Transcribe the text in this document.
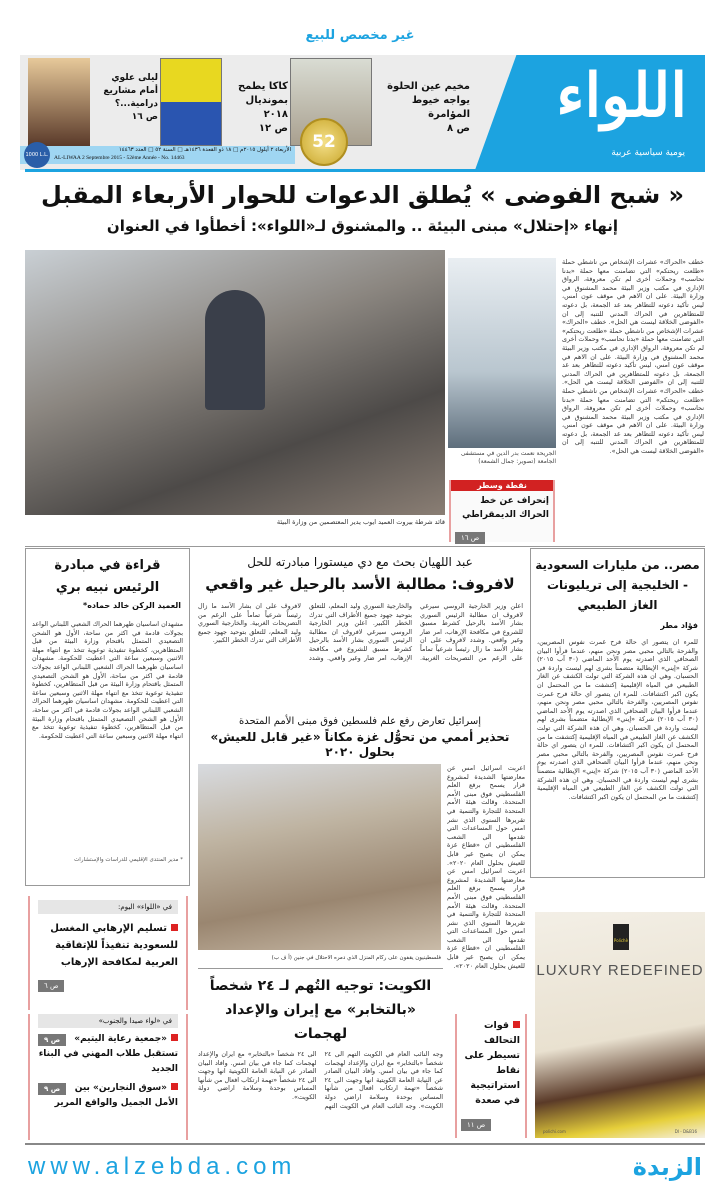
غير مخصص للبيع
اللواء
يومية سياسية عربية
مخيم عين الحلوة يواجه خيوط المؤامرة
ص ٨
كاكا يطمح بمونديال ٢٠١٨
ص ١٢
ليلى علوي أمام مشاريع درامية...؟
ص ١٦
52
1000 L.L.
الأربعاء ٢ أيلول ٢٠١٥م □ ١٨ ذو القعدة ١٤٣٦هـ □ السنة ٥٢ □ العدد ١٤٤٦٣
AL-LIWAA 2 Septembre 2015 - 52ème Année - No. 14463
« شبح الفوضى » يُطلق الدعوات للحوار الأربعاء المقبل
إنهاء «إحتلال» مبنى البيئة .. والمشنوق لـ«اللواء»: أخطأوا في العنوان
قائد شرطة بيروت العميد ايوب يدير المعتصمين من وزارة البيئة
الجريحة نعمت بدر الدين في مستشفى الجامعة (تصوير: جمال الشمعة)
نقطة وسطر
إنحراف عن خط الحراك الديمقراطي
ص ١٦
خطف «الحراك» عشرات الإشخاص من ناشطي حملة «طلعت ريحتكم» التي تضامنت معها حملة «بدنا نحاسب» وحملات أخرى لم تكن معروفة، الرواق الإداري في مكتب وزير البيئة محمد المشنوق في وزارة البيئة. على ان الاهم في موقف عون امس، ليس تأكيد دعوته للتظاهر بعد غد الجمعة، بل دعوته للمتظاهرين في الحراك المدني للتنبه إلى ان «الفوضى الخلاقة ليست هي الحل». خطف «الحراك» عشرات الإشخاص من ناشطي حملة «طلعت ريحتكم» التي تضامنت معها حملة «بدنا نحاسب» وحملات أخرى لم تكن معروفة، الرواق الإداري في مكتب وزير البيئة محمد المشنوق في وزارة البيئة. على ان الاهم في موقف عون امس، ليس تأكيد دعوته للتظاهر بعد غد الجمعة، بل دعوته للمتظاهرين في الحراك المدني للتنبه إلى ان «الفوضى الخلاقة ليست هي الحل». خطف «الحراك» عشرات الإشخاص من ناشطي حملة «طلعت ريحتكم» التي تضامنت معها حملة «بدنا نحاسب» وحملات أخرى لم تكن معروفة، الرواق الإداري في مكتب وزير البيئة محمد المشنوق في وزارة البيئة. على ان الاهم في موقف عون امس، ليس تأكيد دعوته للتظاهر بعد غد الجمعة، بل دعوته للمتظاهرين في الحراك المدني للتنبه إلى ان «الفوضى الخلاقة ليست هي الحل».
مصر.. من مليارات السعودية - الخليجية إلى تريليونات الغاز الطبيعي
فؤاد مطر
للمرء ان يتصور اي حالة فرح غمرت نفوس المصريين، والفرحة بالتالي محبي مصر ونحن منهم، عندما قرأوا البيان الصحافي الذي اصدرته يوم الأحد الماضي (٣٠ آب ٢٠١٥) شركة «إيني» الإيطالية متضمناً بشرى لهم ليست واردة في الحسبان. وهي ان هذه الشركة التي تولت الكشف عن الغاز الطبيعي في المياه الإقليمية إكتشفت ما من المحتمل ان يكون اكبر اكتشافات. للمرء ان يتصور اي حالة فرح غمرت نفوس المصريين، والفرحة بالتالي محبي مصر ونحن منهم، عندما قرأوا البيان الصحافي الذي اصدرته يوم الأحد الماضي (٣٠ آب ٢٠١٥) شركة «إيني» الإيطالية متضمناً بشرى لهم ليست واردة في الحسبان. وهي ان هذه الشركة التي تولت الكشف عن الغاز الطبيعي في المياه الإقليمية إكتشفت ما من المحتمل ان يكون اكبر اكتشافات. للمرء ان يتصور اي حالة فرح غمرت نفوس المصريين، والفرحة بالتالي محبي مصر ونحن منهم، عندما قرأوا البيان الصحافي الذي اصدرته يوم الأحد الماضي (٣٠ آب ٢٠١٥) شركة «إيني» الإيطالية متضمناً بشرى لهم ليست واردة في الحسبان. وهي ان هذه الشركة التي تولت الكشف عن الغاز الطبيعي في المياه الإقليمية إكتشفت ما من المحتمل ان يكون اكبر اكتشافات.
عبد اللهيان بحث مع دي ميستورا مبادرته للحل
لافروف: مطالبة الأسد بالرحيل غير واقعي
اعلن وزير الخارجية الروسي سيرغي لافروف ان مطالبة الرئيس السوري بشار الأسد بالرحيل كشرط مسبق للشروع في مكافحة الإرهاب، امر ضار وغير واقعي. وشدد لافروف على ان بشار الأسد ما زال رئيساً شرعياً تماماً على الرغم من التصريحات الغربية. والخارجية السوري وليد المعلم، للتعلق بتوحيد جهود جميع الأطراف التي تدرك الخطر الكبير. اعلن وزير الخارجية الروسي سيرغي لافروف ان مطالبة الرئيس السوري بشار الأسد بالرحيل كشرط مسبق للشروع في مكافحة الإرهاب، امر ضار وغير واقعي. وشدد لافروف على ان بشار الأسد ما زال رئيساً شرعياً تماماً على الرغم من التصريحات الغربية. والخارجية السوري وليد المعلم، للتعلق بتوحيد جهود جميع الأطراف التي تدرك الخطر الكبير.
قراءة في مبادرة الرئيس نبيه بري
العميد الركن خالد حماده*
مشهدان اساسيان ظهرهما الحراك الشعبي اللبناني الواعد بجولات قادمة في اكثر من ساحة، الأول هو الشحن التصعيدي المتمثل باقتحام وزارة البيئة من قبل المتظاهرين، كخطوة تنفيذية توعوية تتخذ مع انتهاء مهلة الاثنين وسبعين ساعة التي اعطيت للحكومة. مشهدان اساسيان ظهرهما الحراك الشعبي اللبناني الواعد بجولات قادمة في اكثر من ساحة، الأول هو الشحن التصعيدي المتمثل باقتحام وزارة البيئة من قبل المتظاهرين، كخطوة تنفيذية توعوية تتخذ مع انتهاء مهلة الاثنين وسبعين ساعة التي اعطيت للحكومة. مشهدان اساسيان ظهرهما الحراك الشعبي اللبناني الواعد بجولات قادمة في اكثر من ساحة، الأول هو الشحن التصعيدي المتمثل باقتحام وزارة البيئة من قبل المتظاهرين، كخطوة تنفيذية توعوية تتخذ مع انتهاء مهلة الاثنين وسبعين ساعة التي اعطيت للحكومة.
* مدير المنتدى الإقليمي للدراسات والإستشارات
إسرائيل تعارض رفع علم فلسطين فوق مبنى الأمم المتحدة
تحذير أممي من تحوُّل غزة مكاناً «غير قابل للعيش» بحلول ٢٠٢٠
فلسطينيون يقفون على ركام المنزل الذي دمره الاحتلال في جنين (أ ف ب)
اعربت اسرائيل امس عن معارضتها الشديدة لمشروع قرار يسمح برفع العلم الفلسطيني فوق مبنى الأمم المتحدة. وقالت هيئة الأمم المتحدة للتجارة والتنمية في تقريرها السنوي الذي نشر امس حول المساعدات التي تقدمها الى الشعب الفلسطيني ان «قطاع غزة يمكن ان يصبح غير قابل للعيش بحلول العام ٢٠٢٠». اعربت اسرائيل امس عن معارضتها الشديدة لمشروع قرار يسمح برفع العلم الفلسطيني فوق مبنى الأمم المتحدة. وقالت هيئة الأمم المتحدة للتجارة والتنمية في تقريرها السنوي الذي نشر امس حول المساعدات التي تقدمها الى الشعب الفلسطيني ان «قطاع غزة يمكن ان يصبح غير قابل للعيش بحلول العام ٢٠٢٠».
الكويت: توجيه التُهم لـ ٢٤ شخصاً «بالتخابر» مع إيران والإعداد لهجمات
وجه النائب العام في الكويت التهم الى ٢٤ شخصاً «بالتخابر» مع ايران والإعداد لهجمات كما جاء في بيان امس. وافاد البيان الصادر عن النيابة العامة الكويتية انها وجهت الى ٢٤ شخصاً «تهمة ارتكاب افعال من شأنها المساس بوحدة وسلامة اراضي دولة الكويت». وجه النائب العام في الكويت التهم الى ٢٤ شخصاً «بالتخابر» مع ايران والإعداد لهجمات كما جاء في بيان امس. وافاد البيان الصادر عن النيابة العامة الكويتية انها وجهت الى ٢٤ شخصاً «تهمة ارتكاب افعال من شأنها المساس بوحدة وسلامة اراضي دولة الكويت».
في «اللواء» اليوم:
تسليم الإرهابي المغسل للسعودية تنفيذاً للإتفاقية العربية لمكافحة الإرهاب
ص ٦
في «لواء صيدا والجنوب»
ص ٩	«جمعية رعاية اليتيم» تستقبل طلاب المهني في البناء الجديد
ص ٩	«سوق النجارين» بين الأمل الجميل والواقع المرير
قوات التحالف تسيطر على نقاط استراتيجية في صعدة
ص ١١
Polichè
LUXURY REDEFINED
polichi.com	DI - D&B16
www.alzebda.com	الزبدة
